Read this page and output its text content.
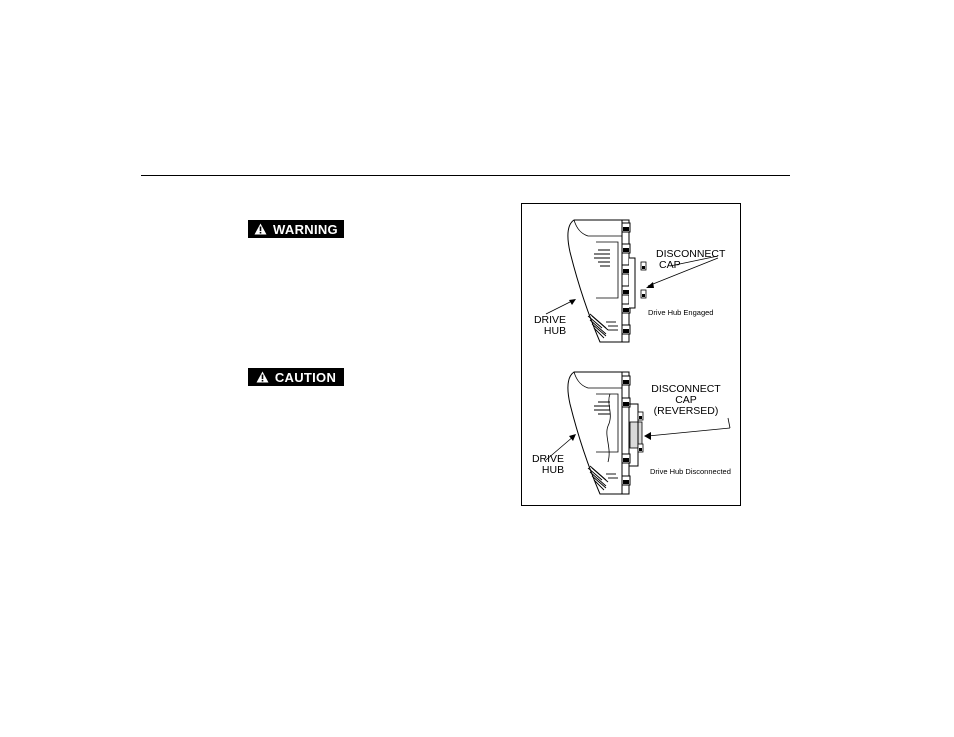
WARNING
CAUTION
DISCONNECT
CAP
Drive Hub Engaged
DRIVE
HUB
DISCONNECT
CAP
(REVERSED)
Drive Hub Disconnected
DRIVE
HUB
